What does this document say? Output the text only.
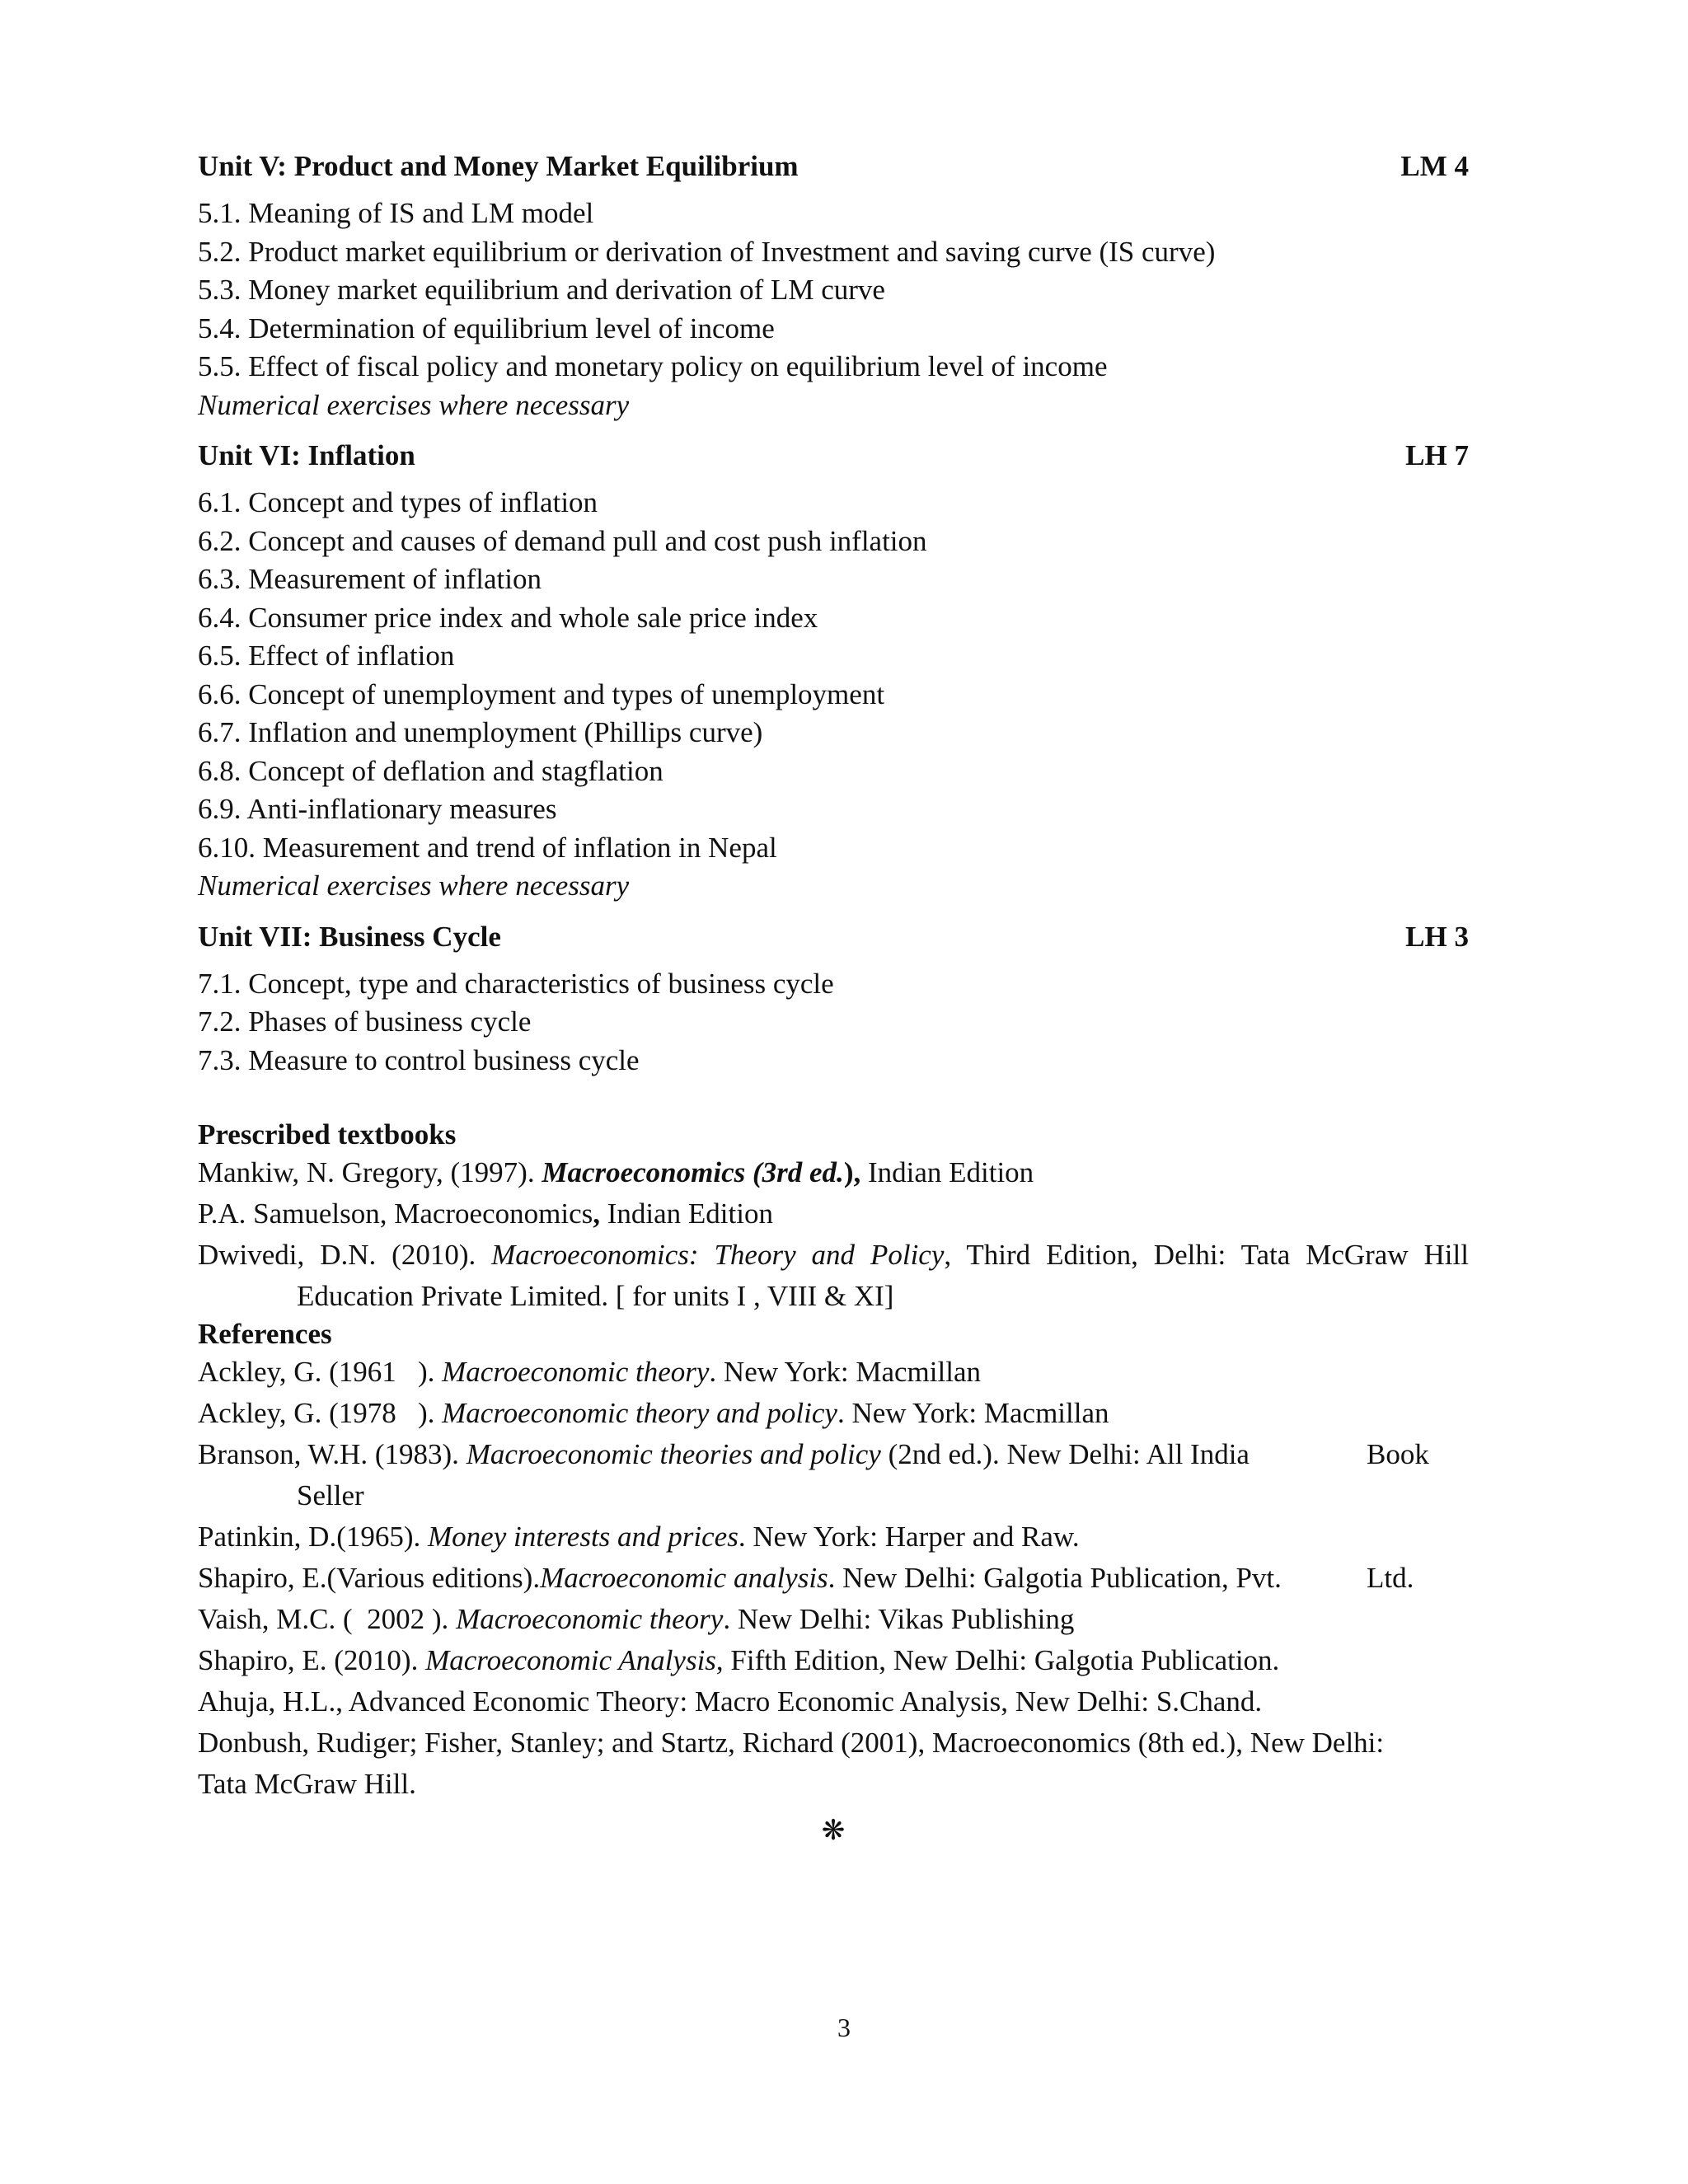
Unit V: Product and Money Market Equilibrium	LM 4
5.1. Meaning of IS and LM model
5.2. Product market equilibrium or derivation of Investment and saving curve (IS curve)
5.3. Money market equilibrium and derivation of LM curve
5.4. Determination of equilibrium level of income
5.5. Effect of fiscal policy and monetary policy on equilibrium level of income
Numerical exercises where necessary
Unit VI: Inflation	LH 7
6.1. Concept and types of inflation
6.2. Concept and causes of demand pull and cost push inflation
6.3. Measurement of inflation
6.4. Consumer price index and whole sale price index
6.5. Effect of inflation
6.6. Concept of unemployment and types of unemployment
6.7. Inflation and unemployment (Phillips curve)
6.8. Concept of deflation and stagflation
6.9. Anti-inflationary measures
6.10. Measurement and trend of inflation in Nepal
Numerical exercises where necessary
Unit VII: Business Cycle	LH 3
7.1. Concept, type and characteristics of business cycle
7.2. Phases of business cycle
7.3. Measure to control business cycle
Prescribed textbooks
Mankiw, N. Gregory, (1997). Macroeconomics (3rd ed.), Indian Edition
P.A. Samuelson, Macroeconomics, Indian Edition
Dwivedi, D.N. (2010). Macroeconomics: Theory and Policy, Third Edition, Delhi: Tata McGraw Hill
Education Private Limited. [ for units I , VIII & XI]
References
Ackley, G. (1961   ). Macroeconomic theory. New York: Macmillan
Ackley, G. (1978   ). Macroeconomic theory and policy. New York: Macmillan
Branson, W.H. (1983). Macroeconomic theories and policy (2nd ed.). New Delhi: All India	Book
Seller
Patinkin, D.(1965). Money interests and prices. New York: Harper and Raw.
Shapiro, E.(Various editions).Macroeconomic analysis. New Delhi: Galgotia Publication, Pvt.	Ltd.
Vaish, M.C. (  2002 ). Macroeconomic theory. New Delhi: Vikas Publishing
Shapiro, E. (2010). Macroeconomic Analysis, Fifth Edition, New Delhi: Galgotia Publication.
Ahuja, H.L., Advanced Economic Theory: Macro Economic Analysis, New Delhi: S.Chand.
Donbush, Rudiger; Fisher, Stanley; and Startz, Richard (2001), Macroeconomics (8th ed.), New Delhi:
Tata McGraw Hill.
❋
3
